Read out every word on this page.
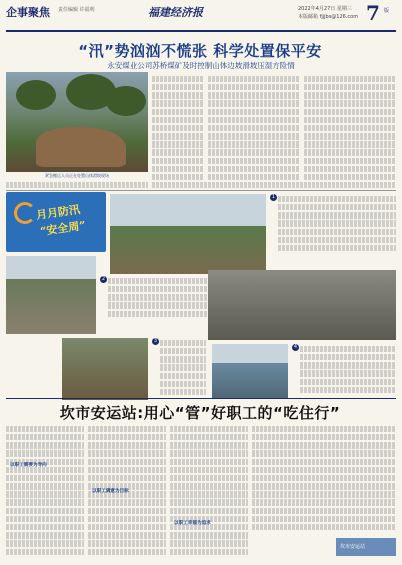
企事聚焦 责任编辑 许福明	福建经济报	2022年4月27日 星期三
本版邮箱 fjjjbs@126.com 7 版
“汛”势汹汹不慌张 科学处置保平安
永安煤业公司苏桥煤矿及时控制山体边坡滑坡压湿方险情
紧急搬运人员正在处置山体滑坡现场
月月防汛
“安全周”
1
2
3
4
坎市安运站:用心“管”好职工的“吃住行”
以职工需要为导向
以职工满意为目标
以职工幸福为追求
坎市安运站
